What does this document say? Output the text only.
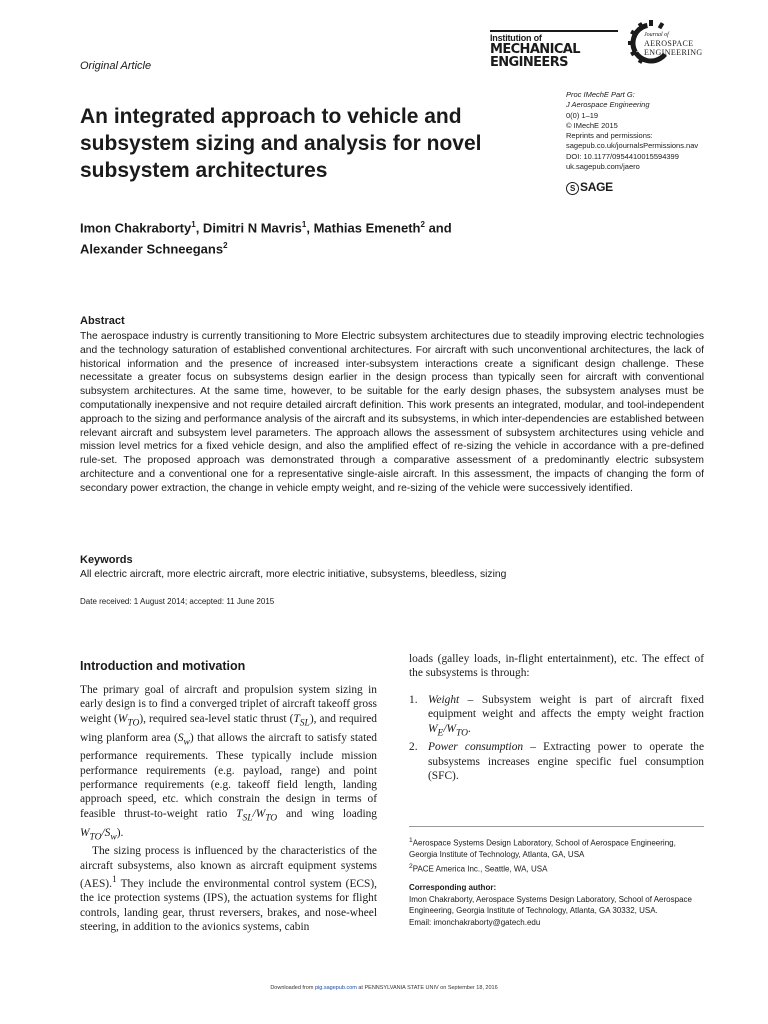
Original Article
Institution of
MECHANICAL
ENGINEERS
Journal of
AEROSPACE
ENGINEERING
An integrated approach to vehicle and subsystem sizing and analysis for novel subsystem architectures
Proc IMechE Part G:
J Aerospace Engineering
0(0) 1–19
© IMechE 2015
Reprints and permissions:
sagepub.co.uk/journalsPermissions.nav
DOI: 10.1177/0954410015594399
uk.sagepub.com/jaero
S SAGE
Imon Chakraborty$^1$, Dimitri N Mavris$^1$, Mathias Emeneth$^2$ and
Alexander Schneegans$^2$
Abstract
The aerospace industry is currently transitioning to More Electric subsystem architectures due to steadily improving electric technologies and the technology saturation of established conventional architectures. For aircraft with such unconventional architectures, the lack of historical information and the presence of increased inter-subsystem interactions create a significant design challenge. These necessitate a greater focus on subsystems design earlier in the design process than typically seen for aircraft with conventional subsystem architectures. At the same time, however, to be suitable for the early design phases, the subsystem analyses must be computationally inexpensive and not require detailed aircraft definition. This work presents an integrated, modular, and tool-independent approach to the sizing and performance analysis of the aircraft and its subsystems, in which inter-dependencies are established between relevant aircraft and subsystem level parameters. The approach allows the assessment of subsystem architectures using vehicle and mission level metrics for a fixed vehicle design, and also the amplified effect of re-sizing the vehicle in accordance with a pre-defined rule-set. The proposed approach was demonstrated through a comparative assessment of a predominantly electric subsystem architecture and a conventional one for a representative single-aisle aircraft. In this assessment, the impacts of changing the form of secondary power extraction, the change in vehicle empty weight, and re-sizing of the vehicle were successively identified.
Keywords
All electric aircraft, more electric aircraft, more electric initiative, subsystems, bleedless, sizing
Date received: 1 August 2014; accepted: 11 June 2015
Introduction and motivation

The primary goal of aircraft and propulsion system sizing in early design is to find a converged triplet of aircraft takeoff gross weight $(W_{TO})$, required sea-level static thrust $(T_{SL})$, and required wing planform area $(S_w)$ that allows the aircraft to satisfy stated performance requirements. These typically include mission performance requirements (e.g. payload, range) and point performance requirements (e.g. takeoff field length, landing approach speed, etc. which constrain the design in terms of feasible thrust-to-weight ratio $T_{SL}/W_{TO}$ and wing loading $W_{TO}/S_w$).

The sizing process is influenced by the characteristics of the aircraft subsystems, also known as aircraft equipment systems (AES).$^1$ They include the environmental control system (ECS), the ice protection systems (IPS), the actuation systems for flight controls, landing gear, thrust reversers, brakes, and nose-wheel steering, in addition to the avionics systems, cabin

loads (galley loads, in-flight entertainment), etc. The effect of the subsystems is through:

1. Weight – Subsystem weight is part of aircraft fixed equipment weight and affects the empty weight fraction $W_E/W_{TO}$.
2. Power consumption – Extracting power to operate the subsystems increases engine specific fuel consumption (SFC).
$^1$Aerospace Systems Design Laboratory, School of Aerospace Engineering, Georgia Institute of Technology, Atlanta, GA, USA
$^2$PACE America Inc., Seattle, WA, USA
Corresponding author:
Imon Chakraborty, Aerospace Systems Design Laboratory, School of Aerospace Engineering, Georgia Institute of Technology, Atlanta, GA 30332, USA.
Email: imonchakraborty@gatech.edu
Downloaded from pig.sagepub.com at PENNSYLVANIA STATE UNIV on September 18, 2016
